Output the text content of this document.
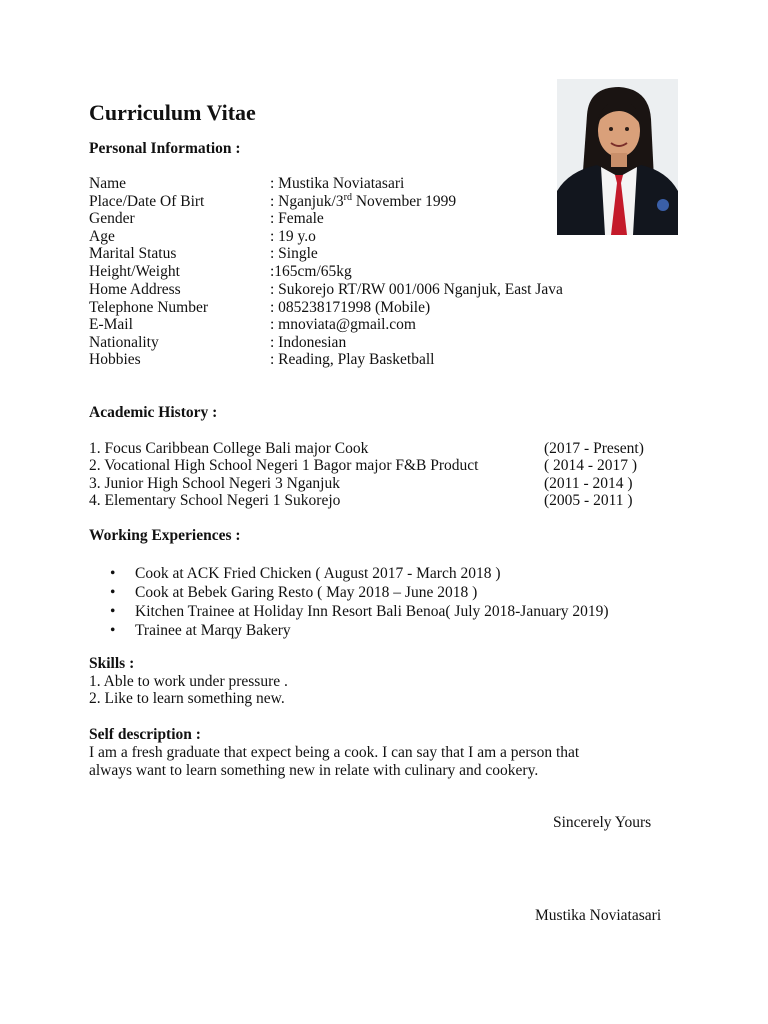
Curriculum Vitae
Personal Information :
Name	: Mustika Noviatasari
Place/Date Of Birt	: Nganjuk/3rd November 1999
Gender	: Female
Age	: 19 y.o
Marital Status	: Single
Height/Weight	:165cm/65kg
Home Address	: Sukorejo RT/RW 001/006 Nganjuk, East Java
Telephone Number	: 085238171998 (Mobile)
E-Mail	: mnoviata@gmail.com
Nationality	: Indonesian
Hobbies	: Reading, Play Basketball
Academic History :
1. Focus Caribbean College Bali major Cook	(2017 - Present)
2. Vocational High School Negeri 1 Bagor major F&B Product	( 2014 - 2017 )
3. Junior High School Negeri 3 Nganjuk	(2011 - 2014 )
4. Elementary School Negeri 1 Sukorejo	(2005 - 2011 )
Working Experiences :
• Cook at ACK Fried Chicken ( August 2017 - March 2018 )
• Cook at Bebek Garing Resto ( May 2018 – June 2018 )
• Kitchen Trainee at Holiday Inn Resort Bali Benoa( July 2018-January 2019)
• Trainee at Marqy Bakery
Skills :
1. Able to work under pressure .
2. Like to learn something new.
Self description :
I am a fresh graduate that expect being a cook. I can say that I am a person that
always want to learn something new in relate with culinary and cookery.
Sincerely Yours
Mustika Noviatasari
